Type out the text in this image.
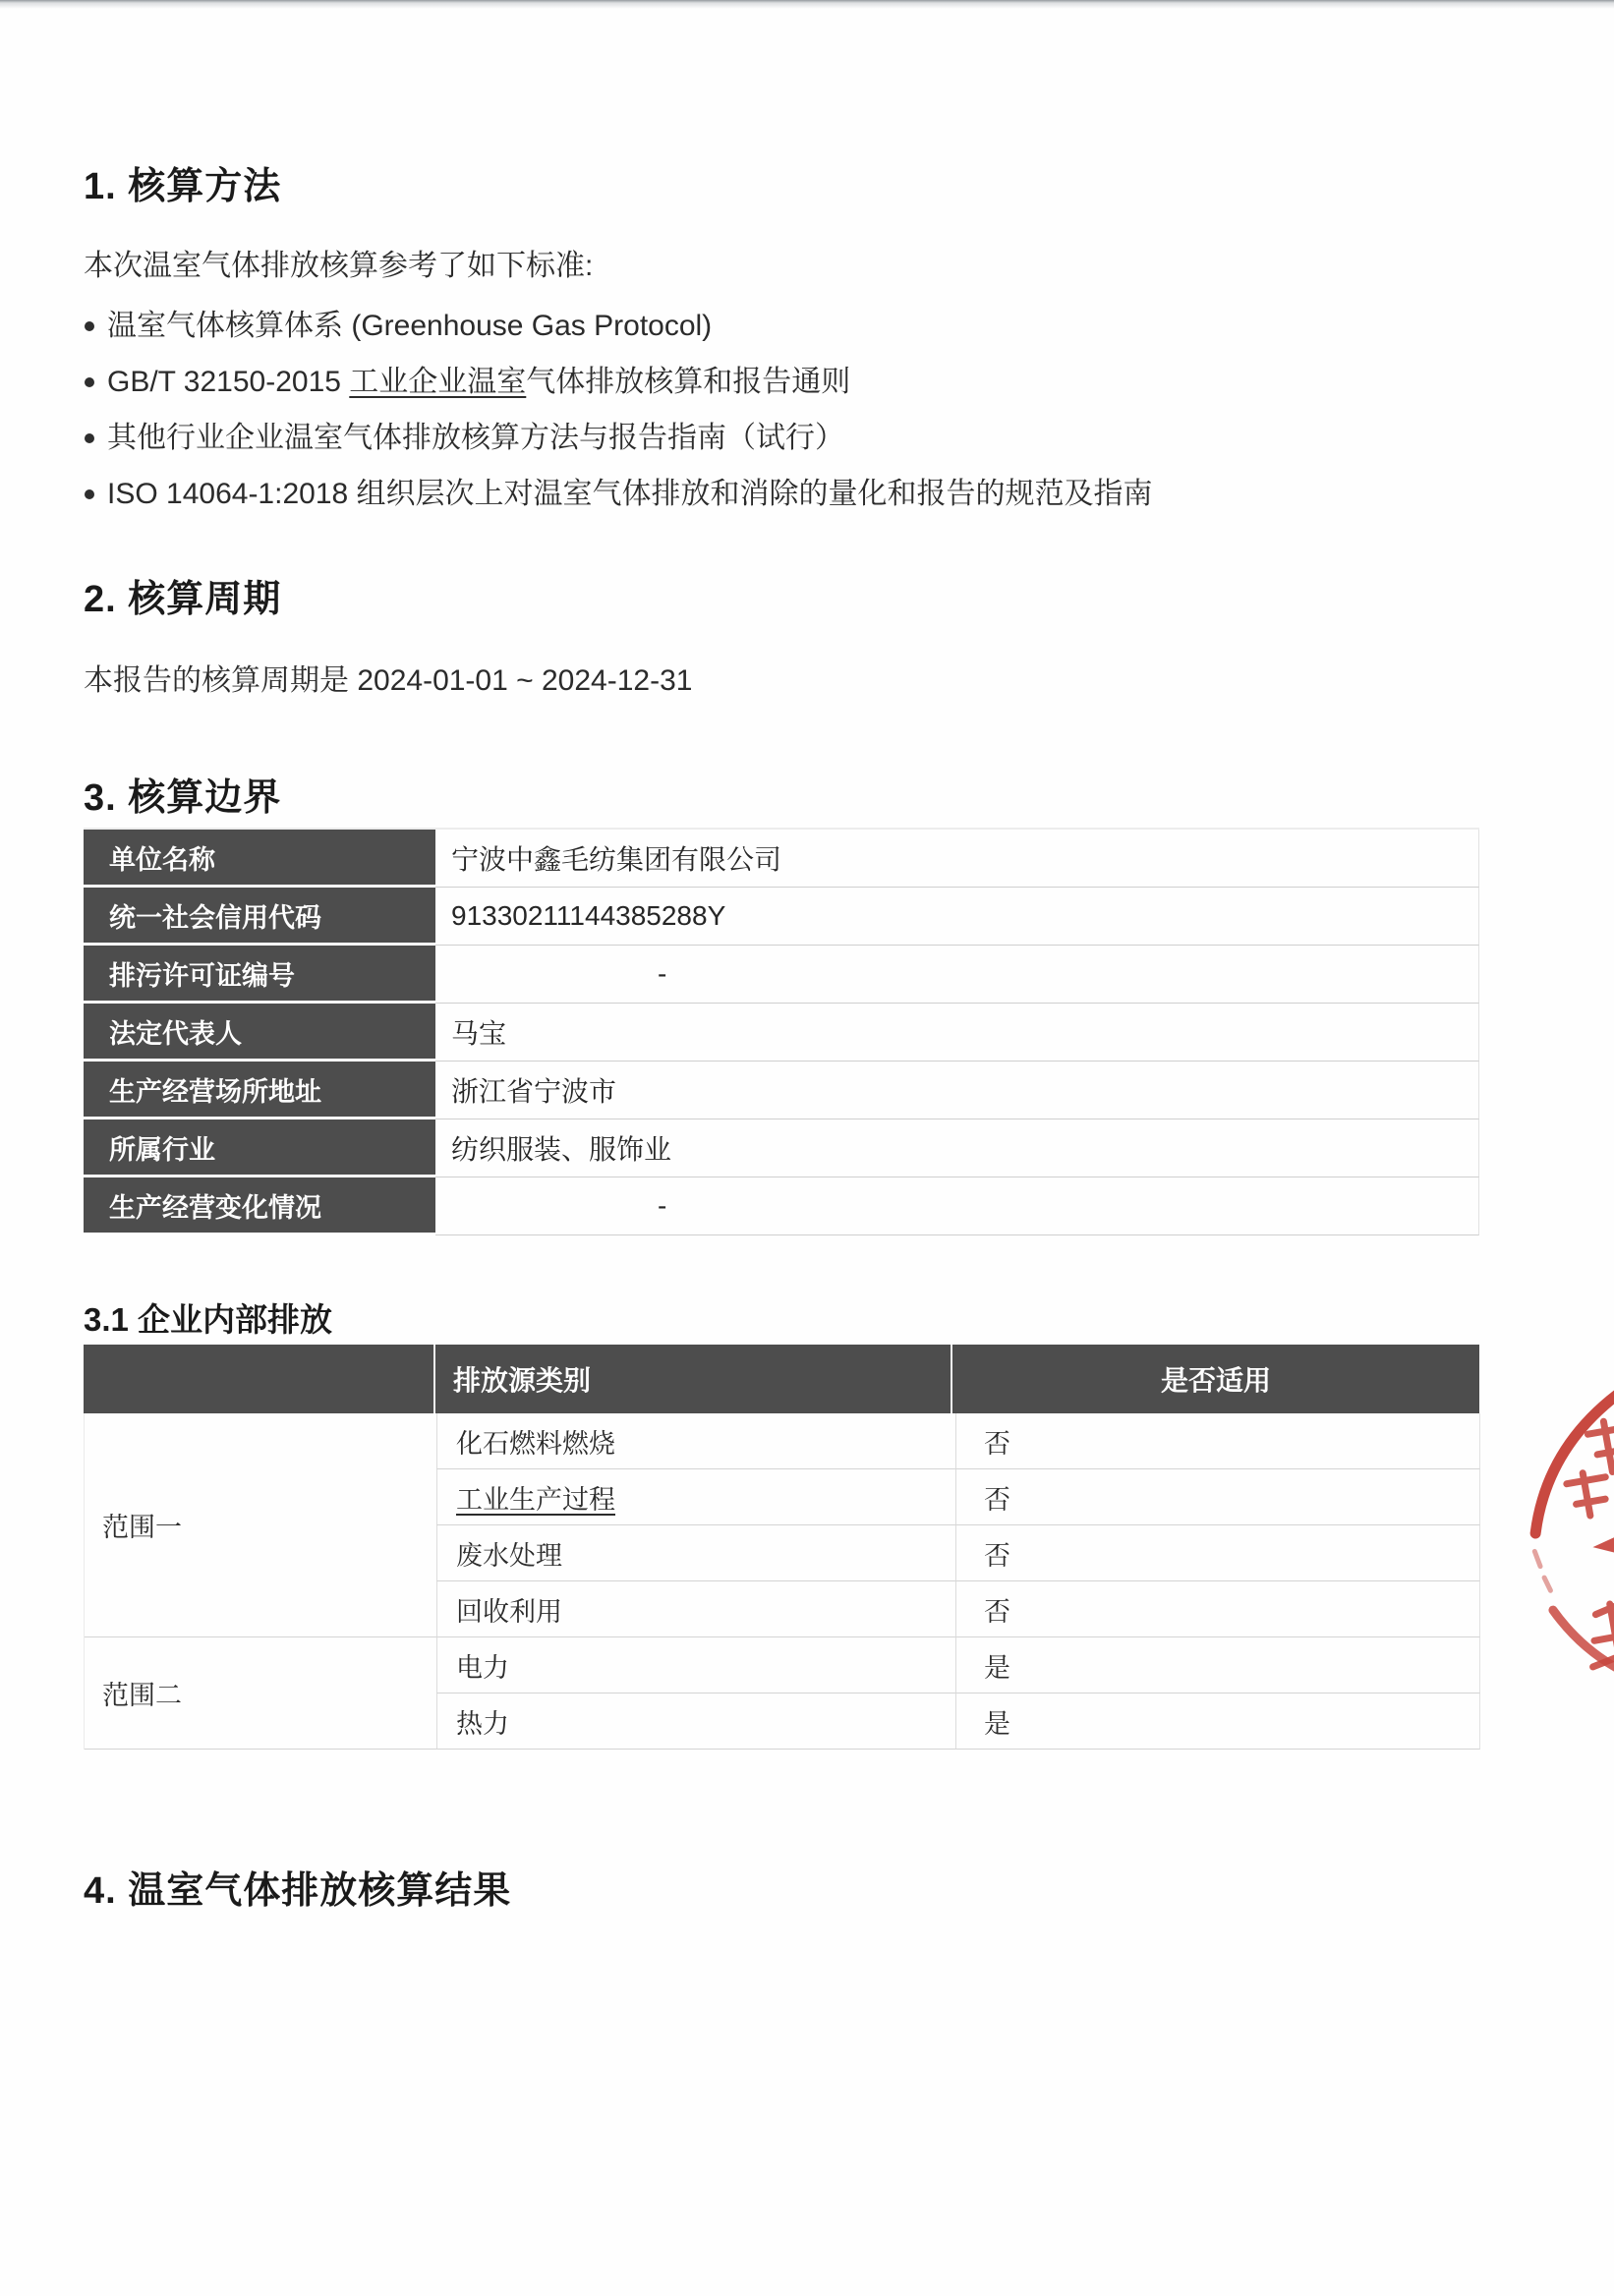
1. 核算方法

本次温室气体排放核算参考了如下标准:

温室气体核算体系 (Greenhouse Gas Protocol)
GB/T 32150-2015 工业企业温室气体排放核算和报告通则
其他行业企业温室气体排放核算方法与报告指南（试行）
ISO 14064-1:2018 组织层次上对温室气体排放和消除的量化和报告的规范及指南
2. 核算周期

本报告的核算周期是 2024-01-01 ~ 2024-12-31

3. 核算边界
单位名称	宁波中鑫毛纺集团有限公司
统一社会信用代码	91330211144385288Y
排污许可证编号	-
法定代表人	马宝
生产经营场所地址	浙江省宁波市
所属行业	纺织服装、服饰业
生产经营变化情况	-
3.1 企业内部排放
排放源类别	是否适用
范围一
化石燃料燃烧	否
工业生产过程	否
废水处理	否
回收利用	否
范围二
电力	是
热力	是
4. 温室气体排放核算结果
